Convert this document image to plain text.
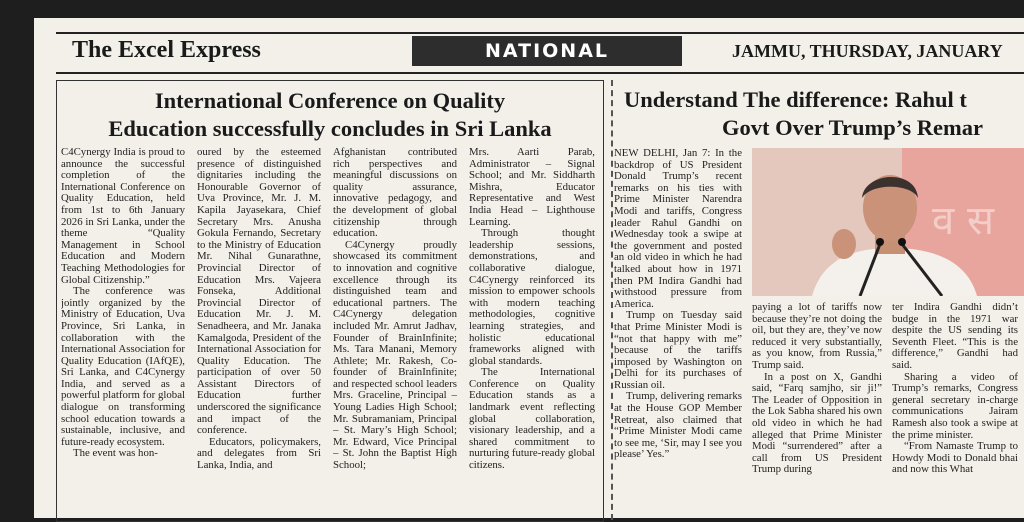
The Excel Express	NATIONAL	JAMMU, THURSDAY, JANUARY
International Conference on Quality
Education successfully concludes in Sri Lanka

C4Cynergy India is proud to announce the successful completion of the International Conference on Quality Education, held from 1st to 6th January 2026 in Sri Lanka, under the theme “Quality Management in School Education and Modern Teaching Methodologies for Global Citizenship.”

The conference was jointly organized by the Ministry of Education, Uva Province, Sri Lanka, in collaboration with the International Association for Quality Education (IAfQE), Sri Lanka, and C4Cynergy India, and served as a powerful platform for global dialogue on transforming school education towards a sustainable, inclusive, and future-ready ecosystem.

The event was hon-

oured by the esteemed presence of distinguished dignitaries including the Honourable Governor of Uva Province, Mr. J. M. Kapila Jayasekara, Chief Secretary Mrs. Anusha Gokula Fernando, Secretary to the Ministry of Education Mr. Nihal Gunarathne, Provincial Director of Education Mrs. Vajeera Fonseka, Additional Provincial Director of Education Mr. J. M. Senadheera, and Mr. Janaka Kamalgoda, President of the International Association for Quality Education. The participation of over 50 Assistant Directors of Education further underscored the significance and impact of the conference.

Educators, policymakers, and delegates from Sri Lanka, India, and

Afghanistan contributed rich perspectives and meaningful discussions on quality assurance, innovative pedagogy, and the development of global citizenship through education.

C4Cynergy proudly showcased its commitment to innovation and cognitive excellence through its distinguished team and educational partners. The C4Cynergy delegation included Mr. Amrut Jadhav, Founder of BrainInfinite; Ms. Tara Manani, Memory Athlete; Mr. Rakesh, Co-founder of BrainInfinite; and respected school leaders Mrs. Graceline, Principal – Young Ladies High School; Mr. Subramaniam, Principal – St. Mary’s High School; Mr. Edward, Vice Principal – St. John the Baptist High School;

Mrs. Aarti Parab, Administrator – Signal School; and Mr. Siddharth Mishra, Educator Representative and West India Head – Lighthouse Learning.

Through thought leadership sessions, demonstrations, and collaborative dialogue, C4Cynergy reinforced its mission to empower schools with modern teaching methodologies, cognitive learning strategies, and holistic educational frameworks aligned with global standards.

The International Conference on Quality Education stands as a landmark event reflecting global collaboration, visionary leadership, and a shared commitment to nurturing future-ready global citizens.

Understand The difference: Rahul t
Govt Over Trump’s Remar
व स

NEW DELHI, Jan 7: In the backdrop of US President Donald Trump’s recent remarks on his ties with Prime Minister Narendra Modi and tariffs, Congress leader Rahul Gandhi on Wednesday took a swipe at the government and posted an old video in which he had talked about how in 1971 then PM Indira Gandhi had withstood pressure from America.

Trump on Tuesday said that Prime Minister Modi is “not that happy with me” because of the tariffs imposed by Washington on Delhi for its purchases of Russian oil.

Trump, delivering remarks at the House GOP Member Retreat, also claimed that “Prime Minister Modi came to see me, ‘Sir, may I see you please’ Yes.”

paying a lot of tariffs now because they’re not doing the oil, but they are, they’ve now reduced it very substantially, as you know, from Russia,” Trump said.

In a post on X, Gandhi said, “Farq samjho, sir ji!” The Leader of Opposition in the Lok Sabha shared his own old video in which he had alleged that Prime Minister Modi “surrendered” after a call from US President Trump during

ter Indira Gandhi didn’t budge in the 1971 war despite the US sending its Seventh Fleet. “This is the difference,” Gandhi had said.

Sharing a video of Trump’s remarks, Congress general secretary in-charge communications Jairam Ramesh also took a swipe at the prime minister.

“From Namaste Trump to Howdy Modi to Donald bhai and now this What
